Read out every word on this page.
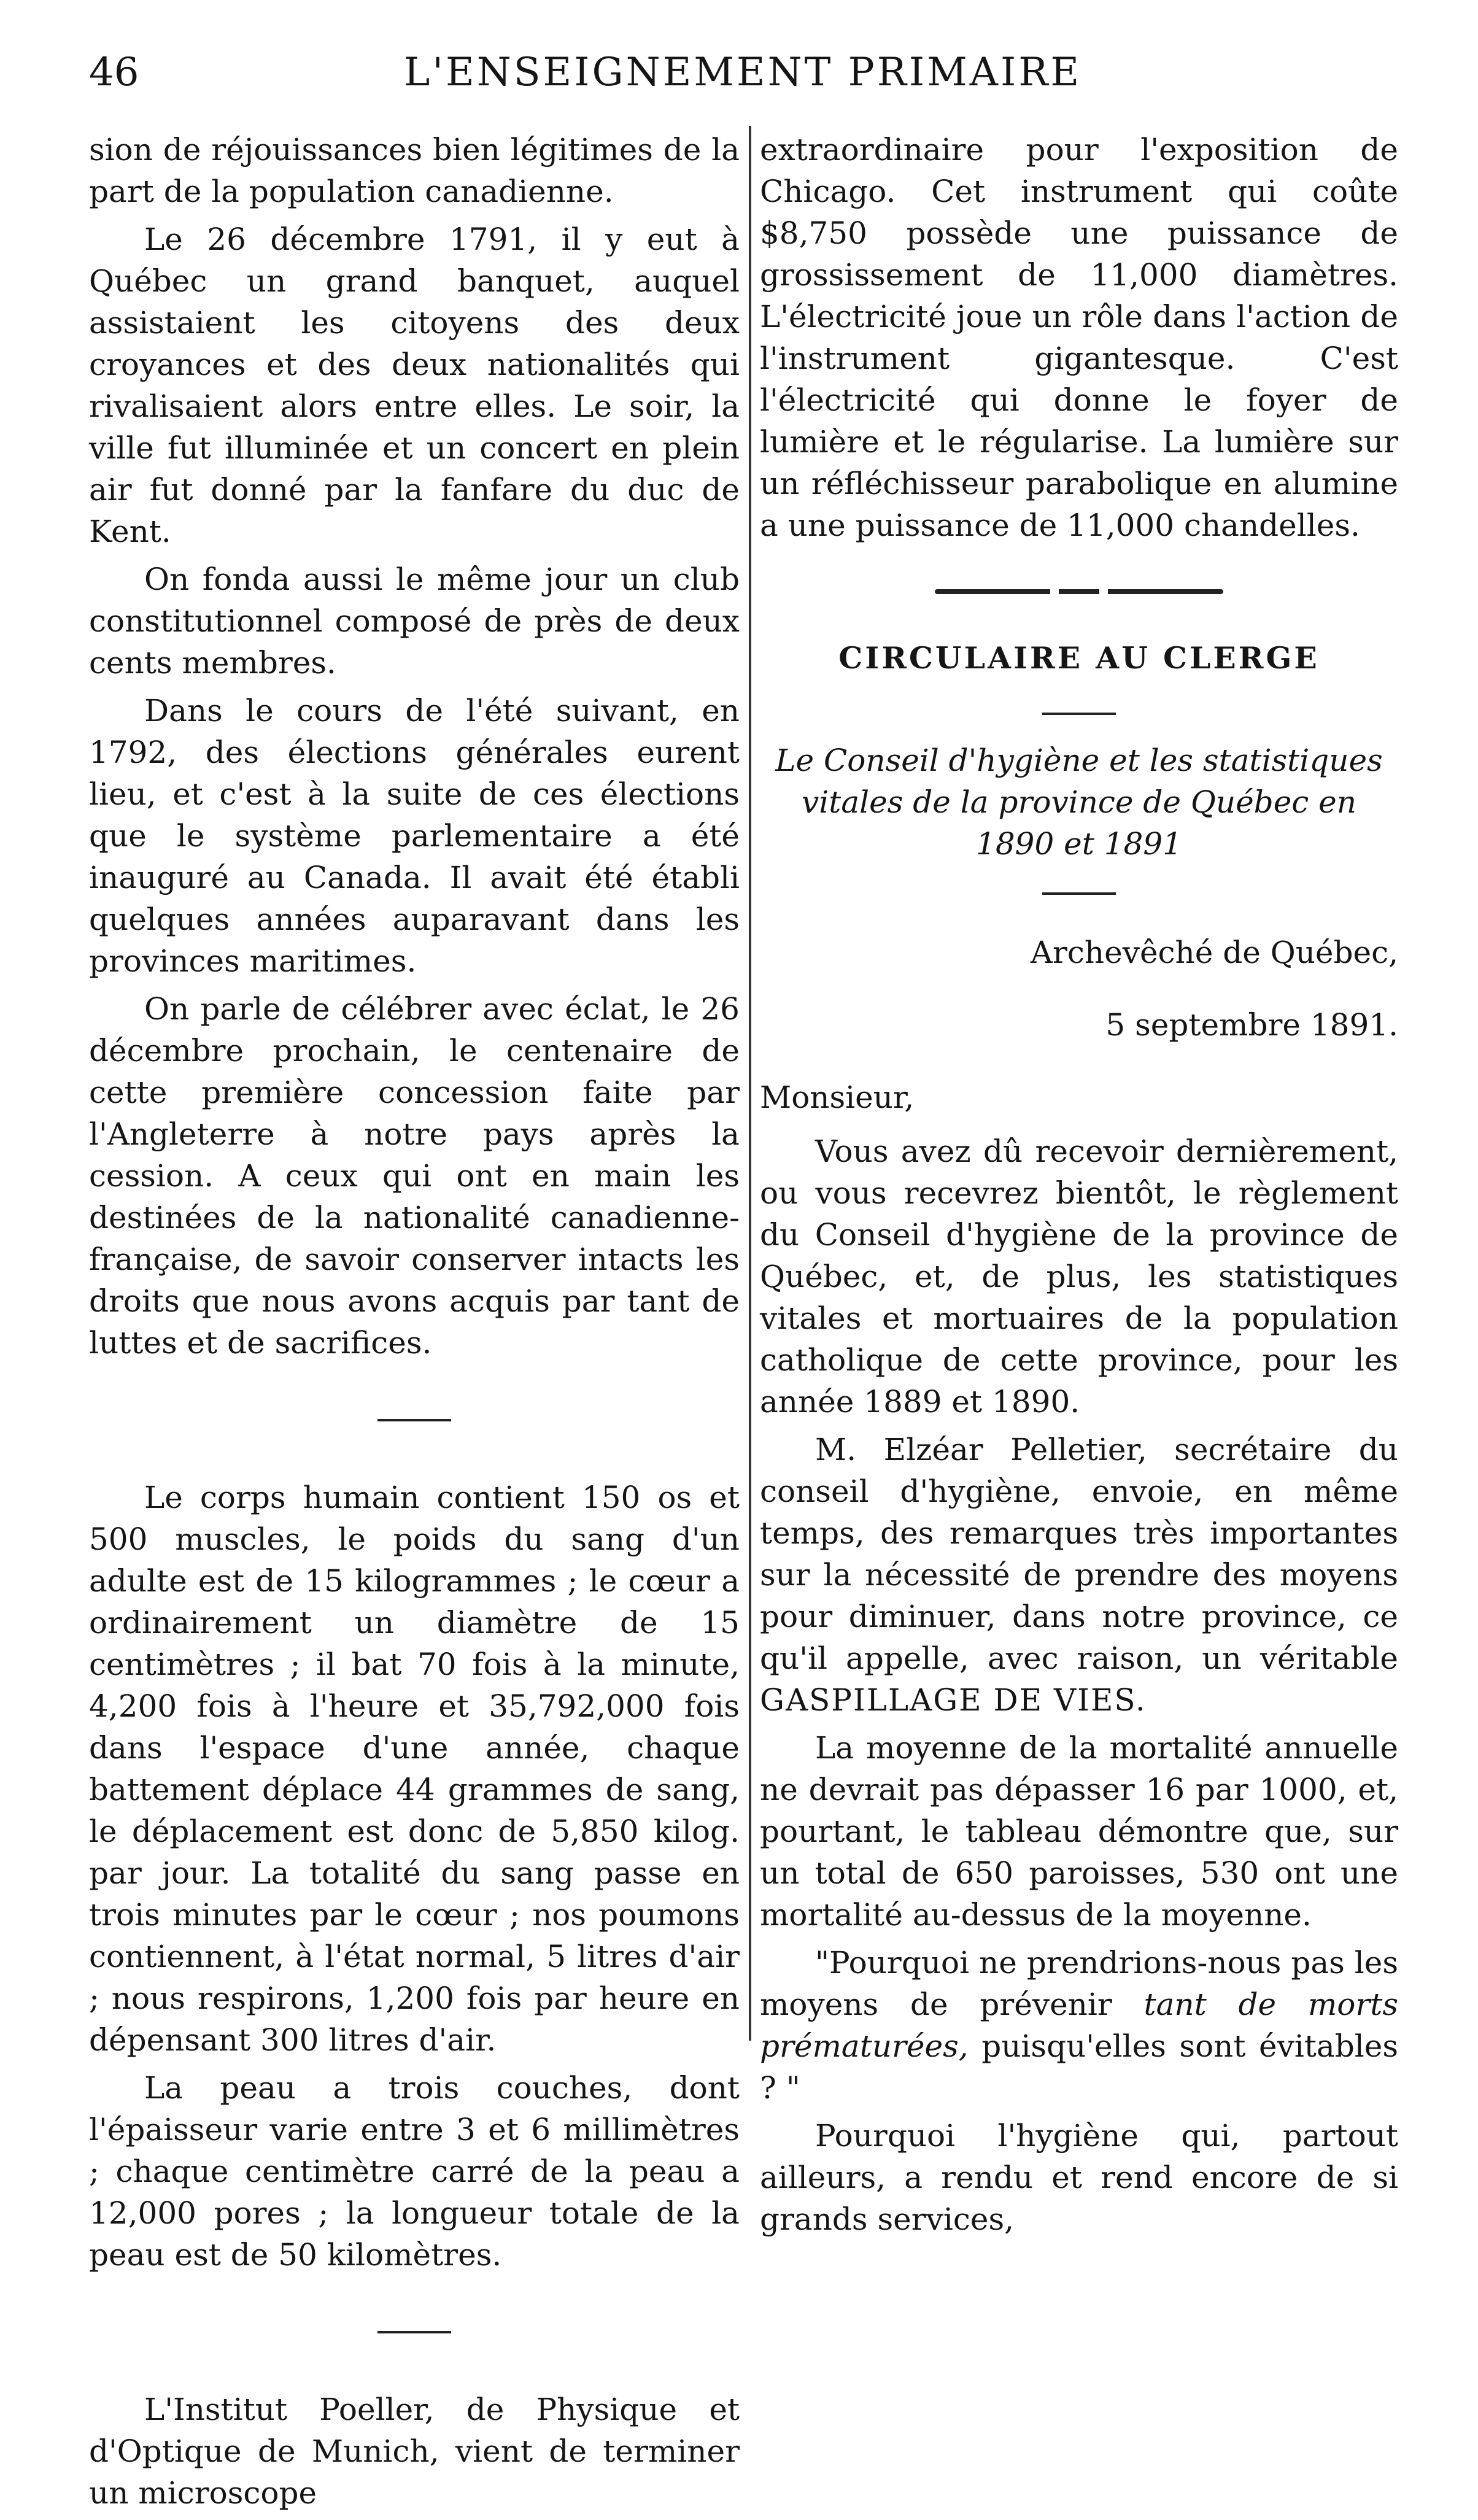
46	L'ENSEIGNEMENT PRIMAIRE

sion de réjouissances bien légitimes de la part de la population canadienne.

Le 26 décembre 1791, il y eut à Québec un grand banquet, auquel assistaient les citoyens des deux croyances et des deux nationalités qui rivalisaient alors entre elles. Le soir, la ville fut illuminée et un concert en plein air fut donné par la fanfare du duc de Kent.

On fonda aussi le même jour un club constitutionnel composé de près de deux cents membres.

Dans le cours de l'été suivant, en 1792, des élections générales eurent lieu, et c'est à la suite de ces élections que le système parlementaire a été inauguré au Canada. Il avait été établi quelques années auparavant dans les provinces maritimes.

On parle de célébrer avec éclat, le 26 décembre prochain, le centenaire de cette première concession faite par l'Angleterre à notre pays après la cession. A ceux qui ont en main les destinées de la nationalité canadienne-française, de savoir conserver intacts les droits que nous avons acquis par tant de luttes et de sacrifices.

Le corps humain contient 150 os et 500 muscles, le poids du sang d'un adulte est de 15 kilogrammes ; le cœur a ordinairement un diamètre de 15 centimètres ; il bat 70 fois à la minute, 4,200 fois à l'heure et 35,792,000 fois dans l'espace d'une année, chaque battement déplace 44 grammes de sang, le déplacement est donc de 5,850 kilog. par jour. La totalité du sang passe en trois minutes par le cœur ; nos poumons contiennent, à l'état normal, 5 litres d'air ; nous respirons, 1,200 fois par heure en dépensant 300 litres d'air.

La peau a trois couches, dont l'épaisseur varie entre 3 et 6 millimètres ; chaque centimètre carré de la peau a 12,000 pores ; la longueur totale de la peau est de 50 kilomètres.

L'Institut Poeller, de Physique et d'Optique de Munich, vient de terminer un microscope

extraordinaire pour l'exposition de Chicago. Cet instrument qui coûte $8,750 possède une puissance de grossissement de 11,000 diamètres. L'électricité joue un rôle dans l'action de l'instrument gigantesque. C'est l'électricité qui donne le foyer de lumière et le régularise. La lumière sur un réfléchisseur parabolique en alumine a une puissance de 11,000 chandelles.

CIRCULAIRE AU CLERGE

Le Conseil d'hygiène et les statistiques vitales de la province de Québec en 1890 et 1891

Archevêché de Québec,

5 septembre 1891.

Monsieur,

Vous avez dû recevoir dernièrement, ou vous recevrez bientôt, le règlement du Conseil d'hygiène de la province de Québec, et, de plus, les statistiques vitales et mortuaires de la population catholique de cette province, pour les année 1889 et 1890.

M. Elzéar Pelletier, secrétaire du conseil d'hygiène, envoie, en même temps, des remarques très importantes sur la nécessité de prendre des moyens pour diminuer, dans notre province, ce qu'il appelle, avec raison, un véritable GASPILLAGE DE VIES.

La moyenne de la mortalité annuelle ne devrait pas dépasser 16 par 1000, et, pourtant, le tableau démontre que, sur un total de 650 paroisses, 530 ont une mortalité au-dessus de la moyenne.

"Pourquoi ne prendrions-nous pas les moyens de prévenir tant de morts prématurées, puisqu'elles sont évitables ? "

Pourquoi l'hygiène qui, partout ailleurs, a rendu et rend encore de si grands services,
